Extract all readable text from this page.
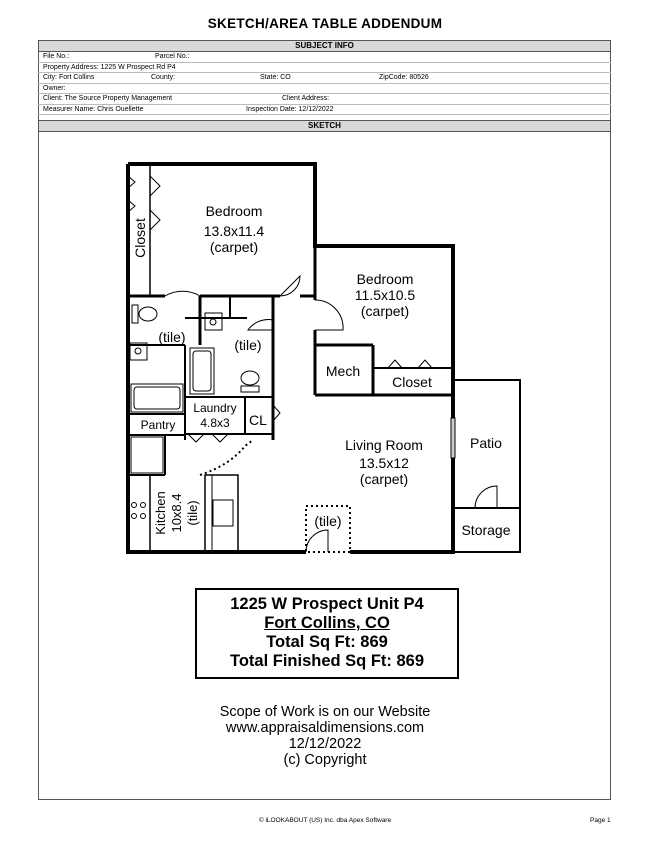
SKETCH/AREA TABLE ADDENDUM
SUBJECT INFO
File No.:	Parcel No.:
Property Address: 1225 W Prospect Rd P4
City: Fort Collins	County:	State: CO	ZipCode: 80526
Owner:
Client: The Source Property Management	Client Address:
Measurer Name: Chris Ouellette	Inspection Date: 12/12/2022
SKETCH
Bedroom
13.8x11.4
(carpet)
Closet
Bedroom
11.5x10.5
(carpet)
(tile)	(tile)
Mech
Closet
CL
Living Room
13.5x12
(carpet)
(tile)
Patio
Storage
Laundry
4.8x3
Pantry
Kitchen 10x8.4 (tile)
1225 W Prospect Unit P4
Fort Collins, CO
Total Sq Ft: 869
Total Finished Sq Ft: 869
Scope of Work is on our Website
www.appraisaldimensions.com
12/12/2022
(c) Copyright
© iLOOKABOUT (US) Inc. dba Apex Software	Page 1
